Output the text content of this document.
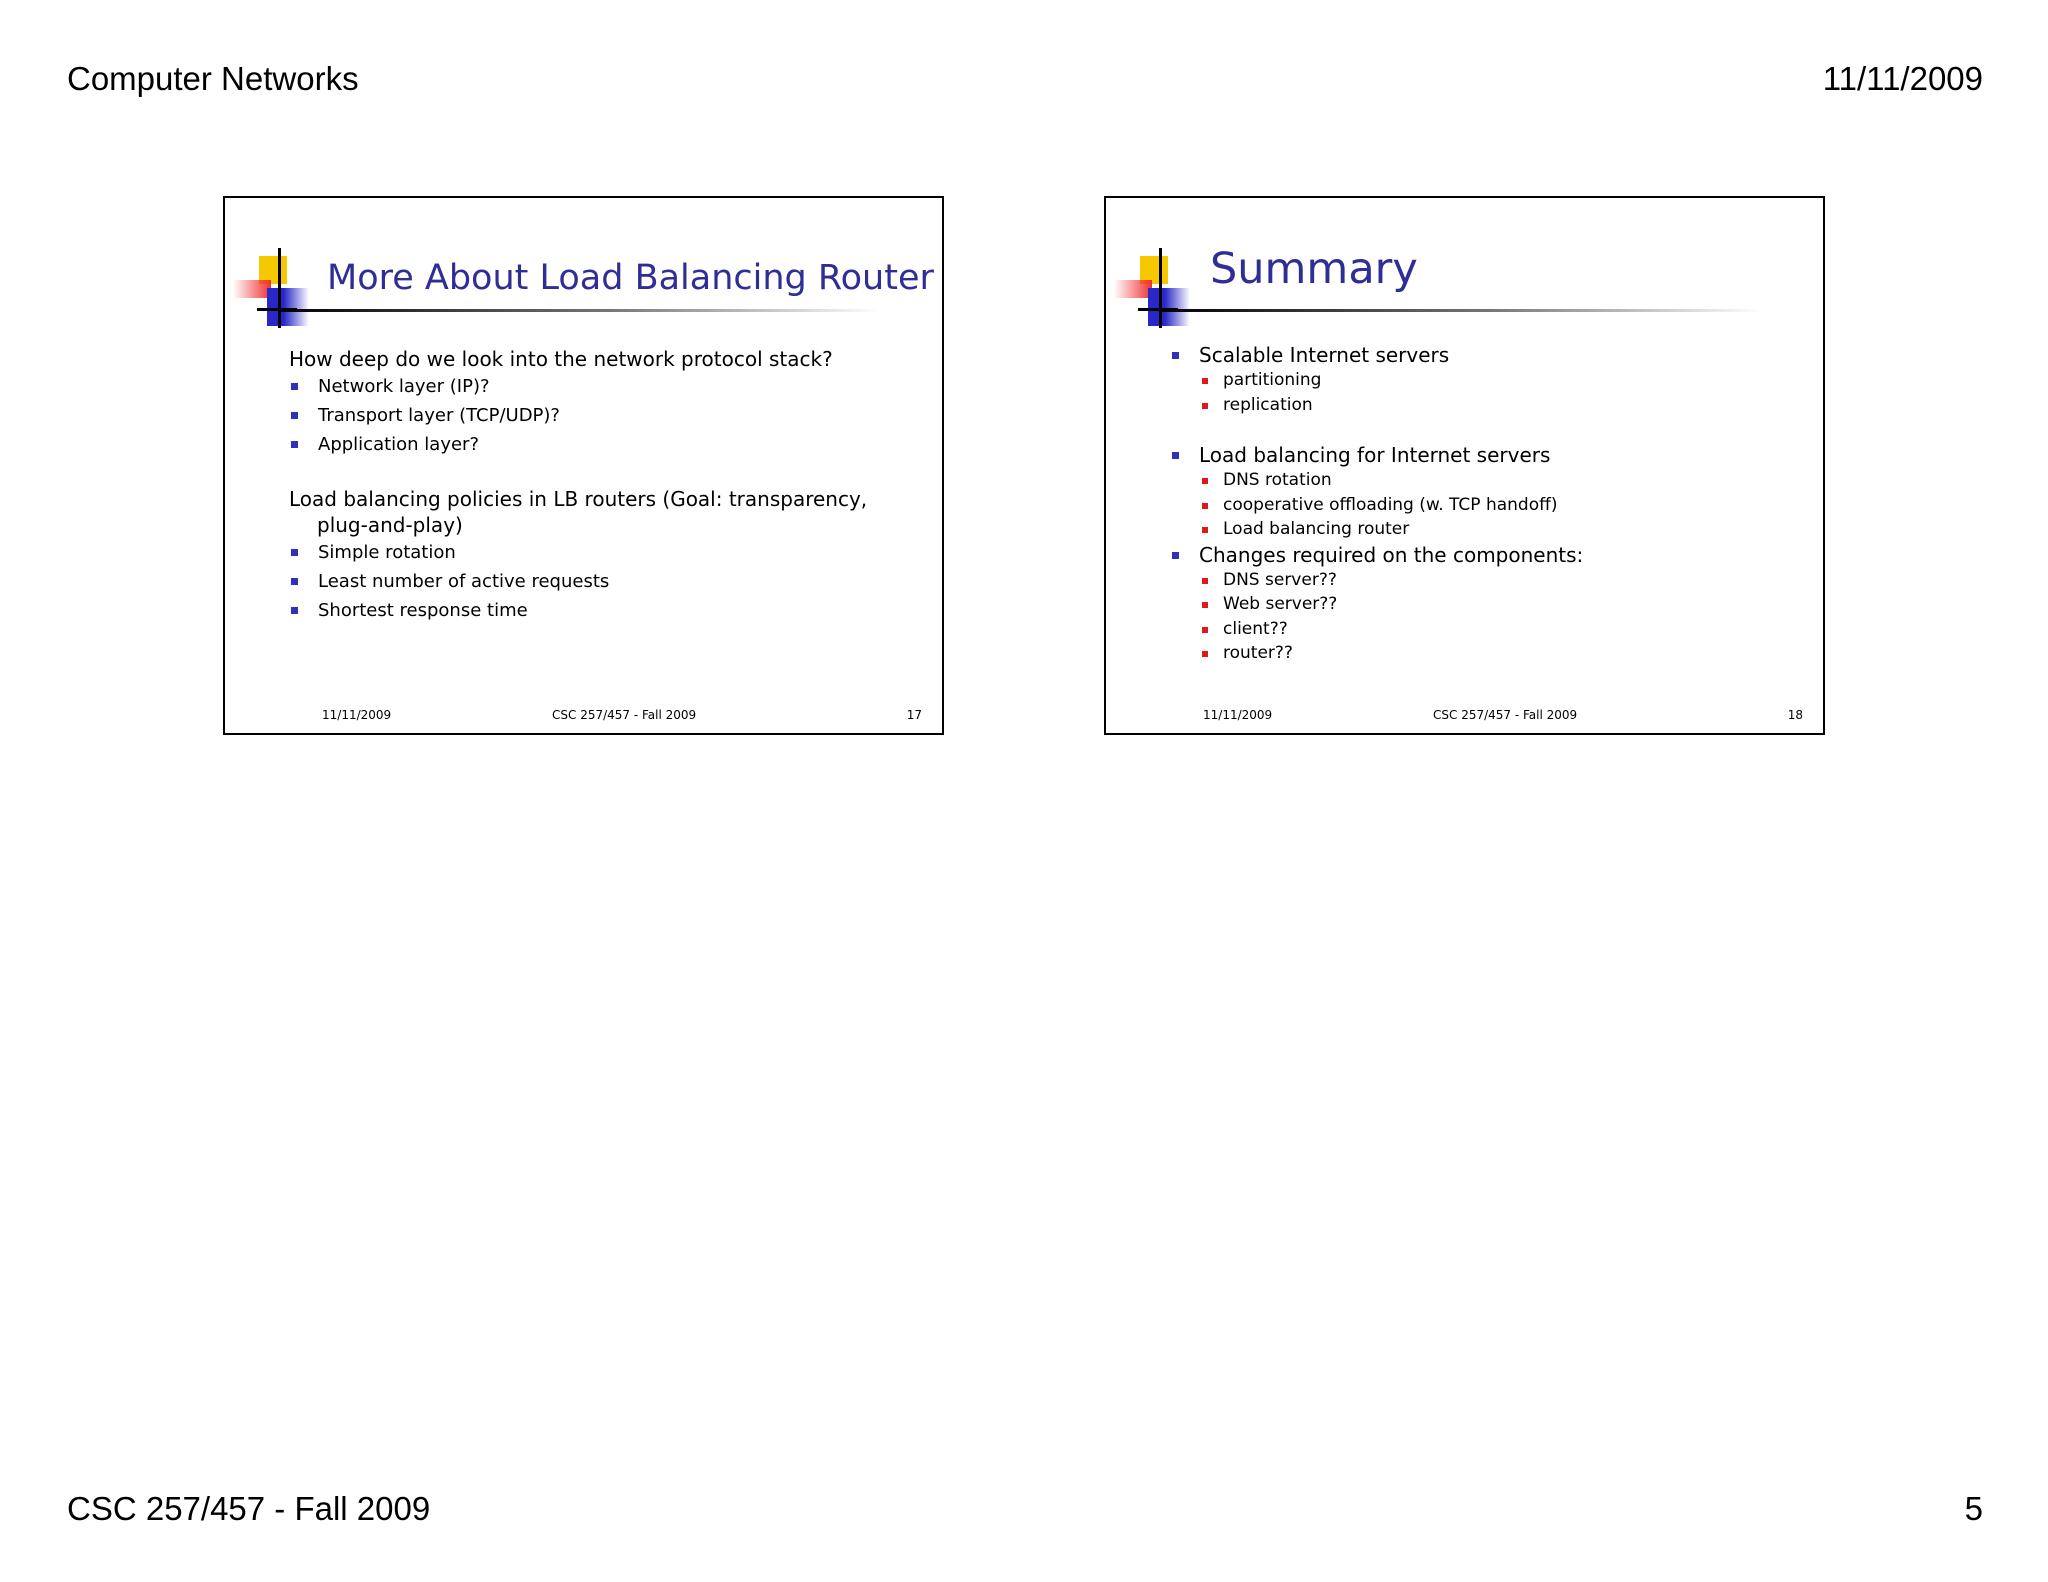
Computer Networks	11/11/2009
More About Load Balancing Router
How deep do we look into the network protocol stack?
Network layer (IP)?
Transport layer (TCP/UDP)?
Application layer?
Load balancing policies in LB routers (Goal: transparency,
plug-and-play)
Simple rotation
Least number of active requests
Shortest response time
11/11/2009	CSC 257/457 - Fall 2009	17
Summary
Scalable Internet servers
partitioning
replication
Load balancing for Internet servers
DNS rotation
cooperative offloading (w. TCP handoff)
Load balancing router
Changes required on the components:
DNS server??
Web server??
client??
router??
11/11/2009	CSC 257/457 - Fall 2009	18
CSC 257/457 - Fall 2009	5
